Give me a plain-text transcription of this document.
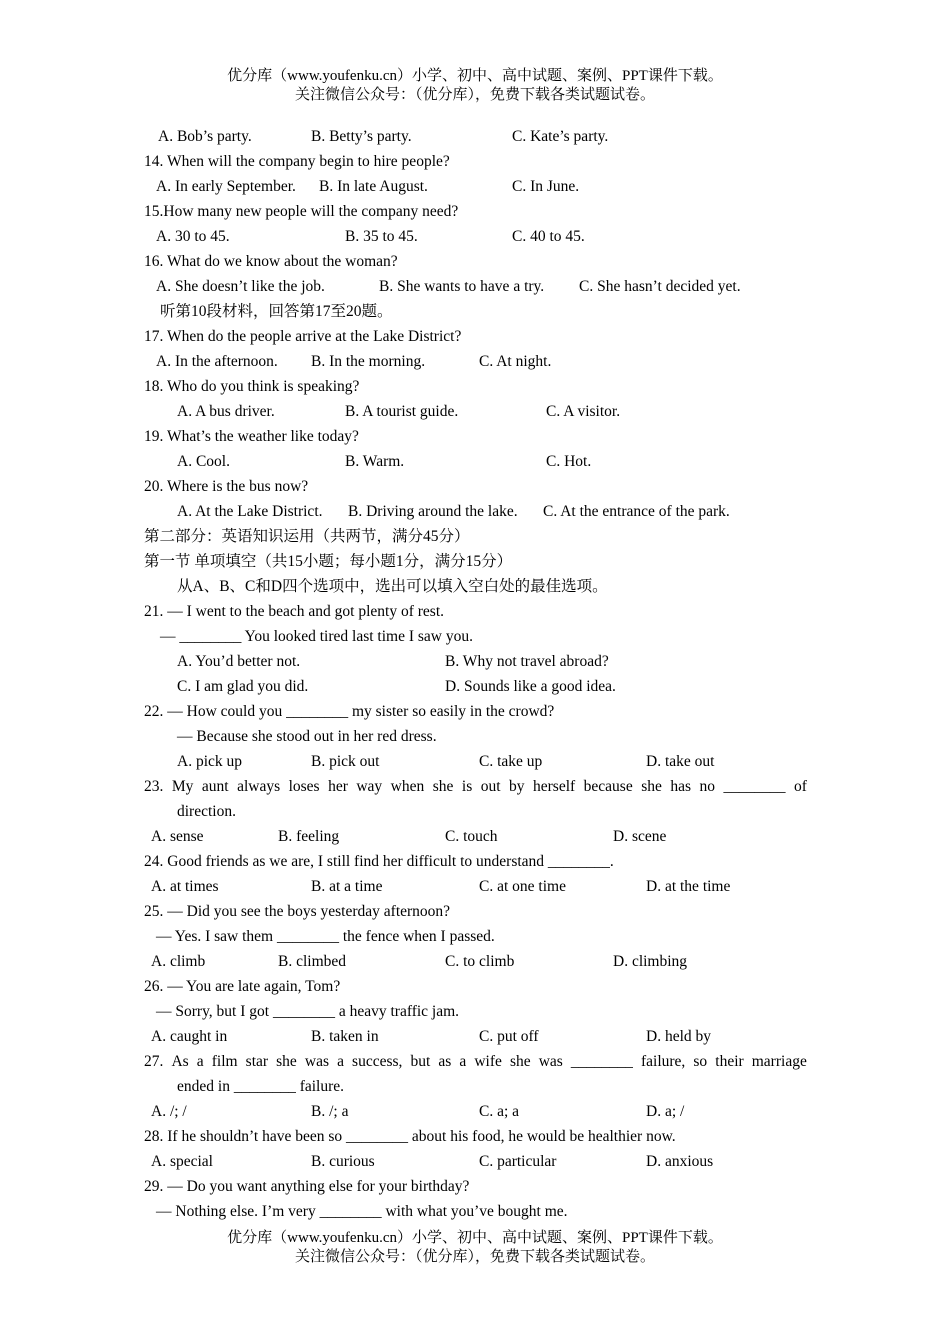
优分库（www.youfenku.cn）小学、初中、高中试题、案例、PPT课件下载。
关注微信公众号：（优分库），免费下载各类试题试卷。
A. Bob’s party.	B. Betty’s party.	C. Kate’s party.
14. When will the company begin to hire people?
A. In early September. B. In late August.	C. In June.
15.How many new people will the company need?
A. 30 to 45.	B. 35 to 45.	C. 40 to 45.
16. What do we know about the woman?
A. She doesn’t like the job.	B. She wants to have a try. C. She hasn’t decided yet.
听第10段材料，回答第17至20题。
17. When do the people arrive at the Lake District?
A. In the afternoon. B. In the morning.	C. At night.
18. Who do you think is speaking?
A. A bus driver.	B. A tourist guide.	C. A visitor.
19. What’s the weather like today?
A. Cool.	B. Warm.	C. Hot.
20. Where is the bus now?
A. At the Lake District. B. Driving around the lake. C. At the entrance of the park.
第二部分：英语知识运用（共两节，满分45分）
第一节 单项填空（共15小题；每小题1分，满分15分）
从A、B、C和D四个选项中，选出可以填入空白处的最佳选项。
21. — I went to the beach and got plenty of rest.
— ________ You looked tired last time I saw you.
A. You’d better not.	B. Why not travel abroad?
C. I am glad you did.	D. Sounds like a good idea.
22. — How could you ________ my sister so easily in the crowd?
— Because she stood out in her red dress.
A. pick up	B. pick out	C. take up	D. take out
23. My aunt always loses her way when she is out by herself because she has no ________ of
direction.
A. sense	B. feeling	C. touch	D. scene
24. Good friends as we are, I still find her difficult to understand ________.
A. at times	B. at a time	C. at one time	D. at the time
25. — Did you see the boys yesterday afternoon?
— Yes. I saw them ________ the fence when I passed.
A. climb	B. climbed	C. to climb	D. climbing
26. — You are late again, Tom?
— Sorry, but I got ________ a heavy traffic jam.
A. caught in	B. taken in	C. put off	D. held by
27. As a film star she was a success, but as a wife she was ________ failure, so their marriage
ended in ________ failure.
A. /; /	B. /; a	C. a; a	D. a; /
28. If he shouldn’t have been so ________ about his food, he would be healthier now.
A. special	B. curious	C. particular	D. anxious
29. — Do you want anything else for your birthday?
— Nothing else. I’m very ________ with what you’ve bought me.
优分库（www.youfenku.cn）小学、初中、高中试题、案例、PPT课件下载。
关注微信公众号：（优分库），免费下载各类试题试卷。
